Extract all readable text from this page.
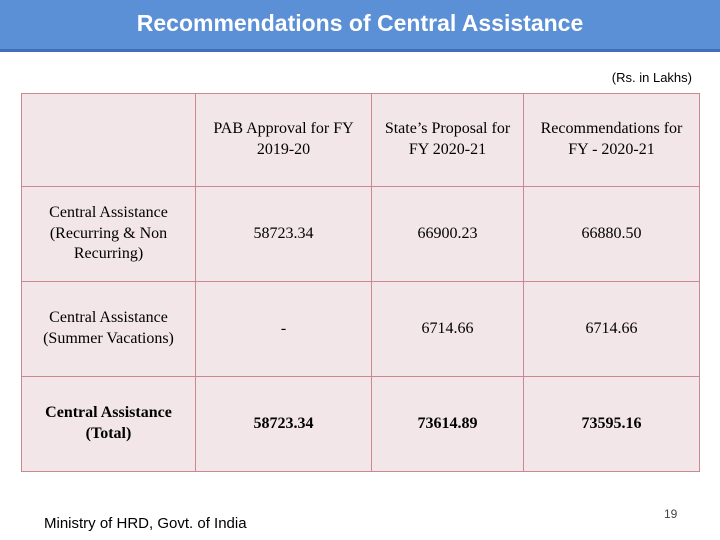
Recommendations of Central Assistance
(Rs. in Lakhs)
	PAB Approval for FY 2019-20	State’s Proposal for FY 2020-21	Recommendations for FY - 2020-21
Central Assistance (Recurring & Non Recurring)	58723.34	66900.23	66880.50
Central Assistance (Summer Vacations)	-	6714.66	6714.66
Central Assistance (Total)	58723.34	73614.89	73595.16
Ministry of HRD, Govt. of India
19
